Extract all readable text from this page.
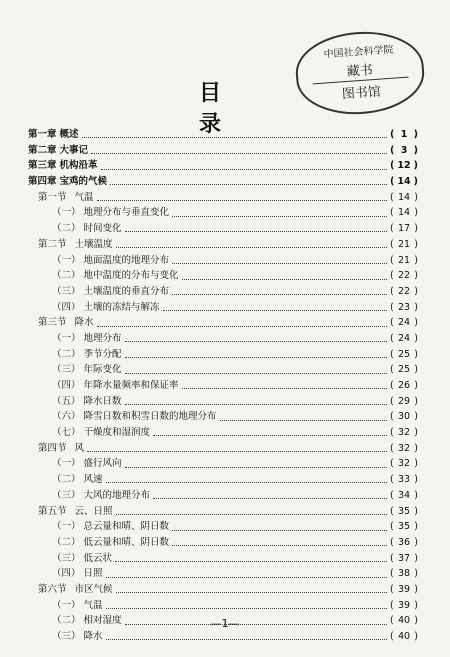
目 录
中国社会科学院
藏书
图书馆
第一章 概述	( 1 )
第二章 大事记	( 3 )
第三章 机构沿革	( 12 )
第四章 宝鸡的气候	( 14 )
第一节 气温	( 14 )
（一） 地理分布与垂直变化	( 14 )
（二） 时间变化	( 17 )
第二节 土壤温度	( 21 )
（一） 地面温度的地理分布	( 21 )
（二） 地中温度的分布与变化	( 22 )
（三） 土壤温度的垂直分布	( 22 )
（四） 土壤的冻结与解冻	( 23 )
第三节 降水	( 24 )
（一） 地理分布	( 24 )
（二） 季节分配	( 25 )
（三） 年际变化	( 25 )
（四） 年降水量频率和保证率	( 26 )
（五） 降水日数	( 29 )
（六） 降雪日数和积雪日数的地理分布	( 30 )
（七） 干燥度和湿润度	( 32 )
第四节 风	( 32 )
（一） 盛行风向	( 32 )
（二） 风速	( 33 )
（三） 大风的地理分布	( 34 )
第五节 云、日照	( 35 )
（一） 总云量和晴、阴日数	( 35 )
（二） 低云量和晴、阴日数	( 36 )
（三） 低云状	( 37 )
（四） 日照	( 38 )
第六节 市区气候	( 39 )
（一） 气温	( 39 )
（二） 相对湿度	( 40 )
（三） 降水	( 40 )
—1—
